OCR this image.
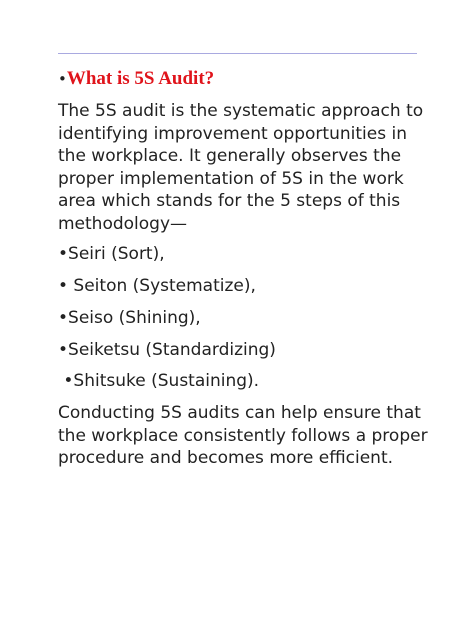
•What is 5S Audit?

The 5S audit is the systematic approach to identifying improvement opportunities in the workplace. It generally observes the proper implementation of 5S in the work area which stands for the 5 steps of this methodology—

•Seiri (Sort),

• Seiton (Systematize),

•Seiso (Shining),

•Seiketsu (Standardizing)

•Shitsuke (Sustaining).

Conducting 5S audits can help ensure that the workplace consistently follows a proper procedure and becomes more efficient.
